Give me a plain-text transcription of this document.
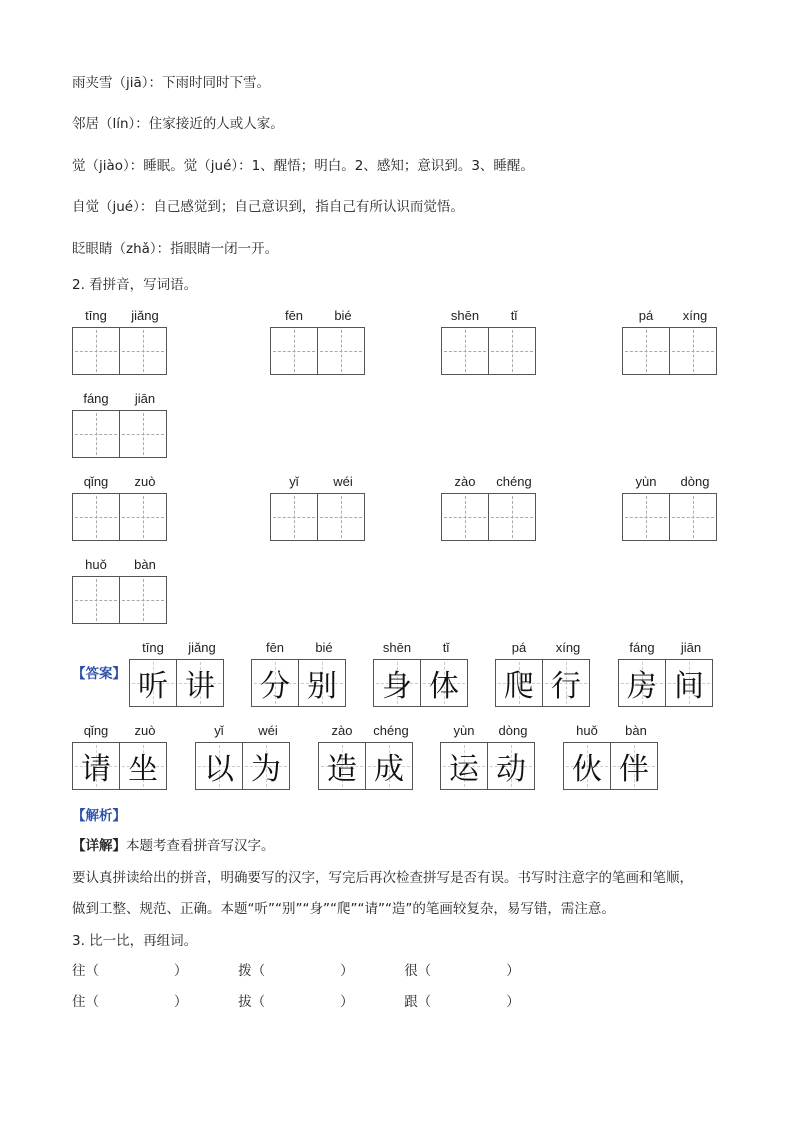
雨夹雪（jiā）：下雨时同时下雪。
邻居（lín）：住家接近的人或人家。
觉（jiào）：睡眠。觉（jué）：1、醒悟；明白。2、感知；意识到。3、睡醒。
自觉（jué）：自己感觉到；自己意识到，指自己有所认识而觉悟。
眨眼睛（zhǎ）：指眼睛一闭一开。
2. 看拼音，写词语。
tīng	jiǎng	fēn	bié	shēn	tǐ	pá	xíng
fáng	jiān
qǐng	zuò	yǐ	wéi	zào	chéng	yùn	dòng
huǒ	bàn
【答案】
tīng	jiǎng
听 讲
fēn	bié
分 别
shēn	tǐ
身 体
pá	xíng
爬 行
fáng	jiān
房 间
qǐng	zuò
请 坐
yǐ	wéi
以 为
zào	chéng
造 成
yùn	dòng
运 动
huǒ	bàn
伙 伴
【解析】
【详解】本题考查看拼音写汉字。
要认真拼读给出的拼音，明确要写的汉字，写完后再次检查拼写是否有误。书写时注意字的笔画和笔顺，
做到工整、规范、正确。本题“听”“别”“身”“爬”“请”“造”的笔画较复杂，易写错，需注意。
3. 比一比，再组词。
往（	）	拨（	）	很（	）
住（	）	拔（	）	跟（	）
